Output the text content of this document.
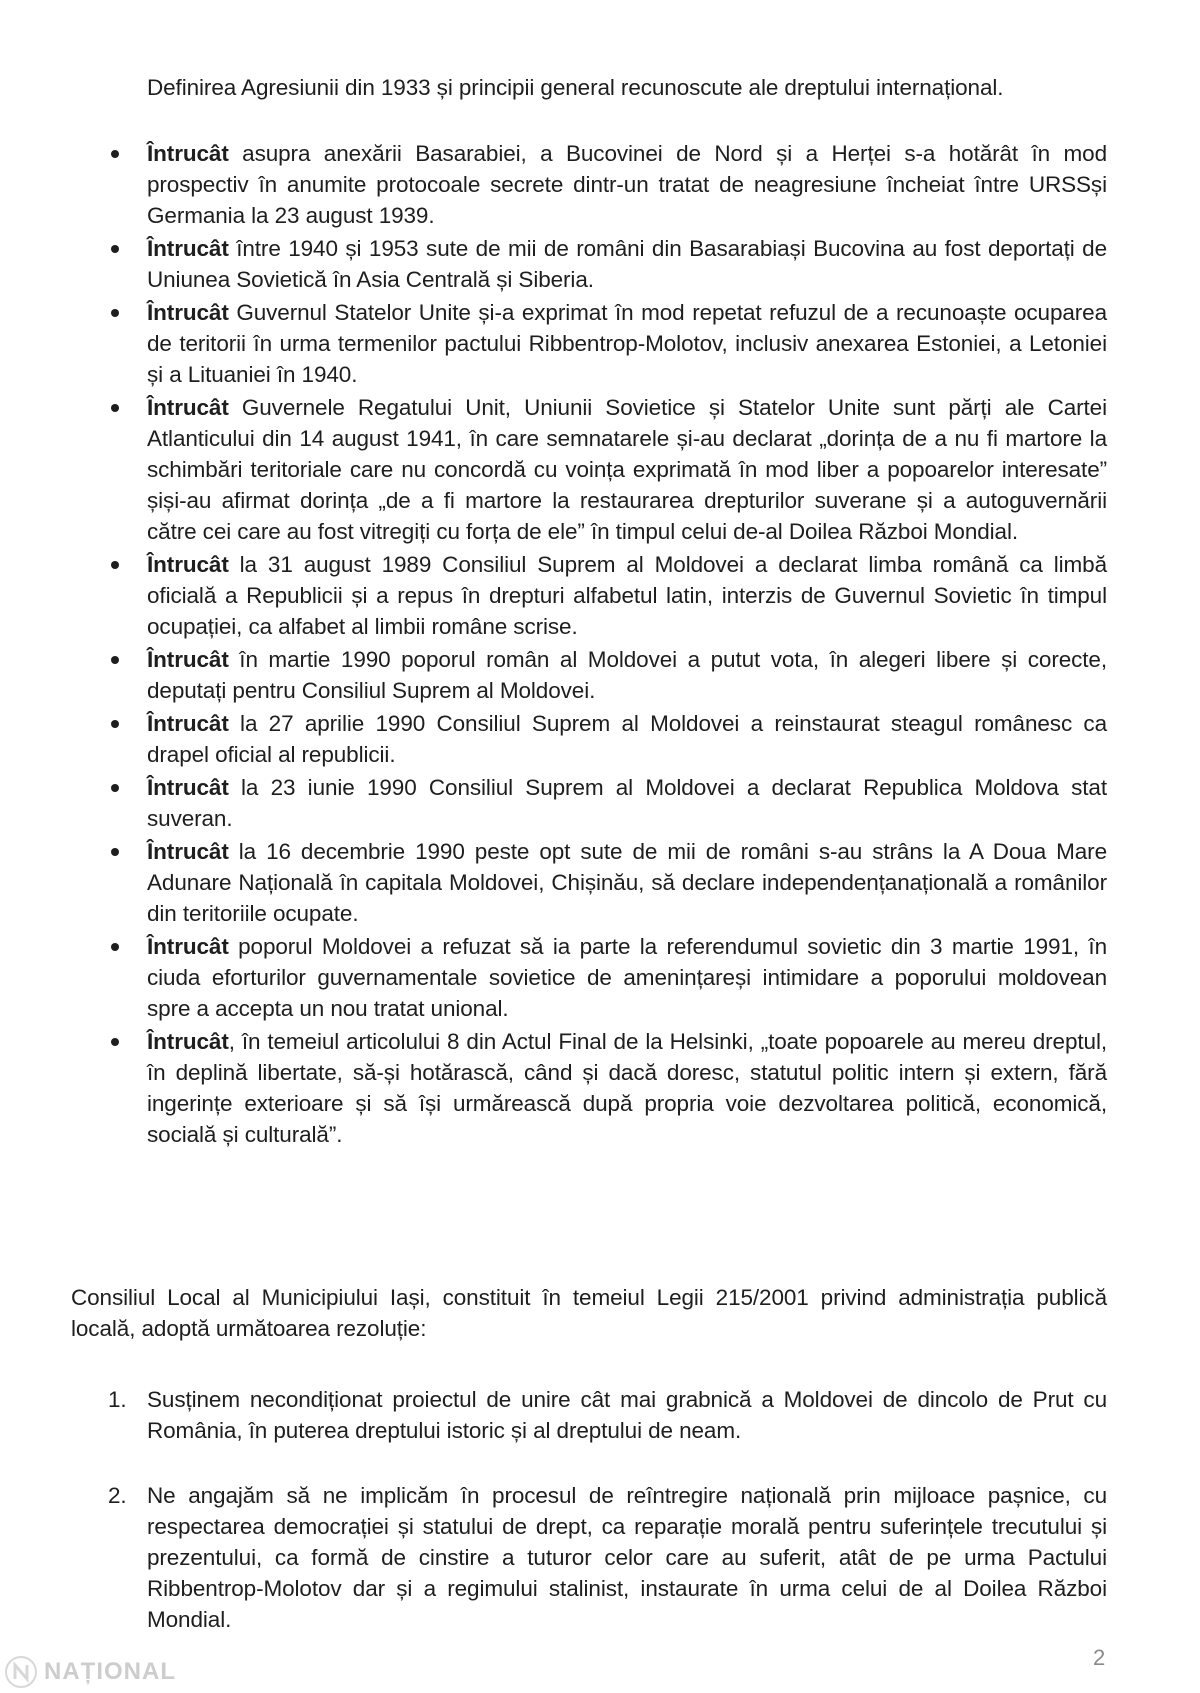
Definirea Agresiunii din 1933 și principii general recunoscute ale dreptului internațional.

Întrucât asupra anexării Basarabiei, a Bucovinei de Nord și a Herței s-a hotărât în mod prospectiv în anumite protocoale secrete dintr-un tratat de neagresiune încheiat între URSSși Germania la 23 august 1939.

Întrucât între 1940 și 1953 sute de mii de români din Basarabiași Bucovina au fost deportați de Uniunea Sovietică în Asia Centrală și Siberia.

Întrucât Guvernul Statelor Unite și-a exprimat în mod repetat refuzul de a recunoaște ocuparea de teritorii în urma termenilor pactului Ribbentrop-Molotov, inclusiv anexarea Estoniei, a Letoniei și a Lituaniei în 1940.

Întrucât Guvernele Regatului Unit, Uniunii Sovietice și Statelor Unite sunt părți ale Cartei Atlanticului din 14 august 1941, în care semnatarele și-au declarat „dorința de a nu fi martore la schimbări teritoriale care nu concordă cu voința exprimată în mod liber a popoarelor interesate” șiși-au afirmat dorința „de a fi martore la restaurarea drepturilor suverane și a autoguvernării către cei care au fost vitregiți cu forța de ele” în timpul celui de-al Doilea Război Mondial.

Întrucât la 31 august 1989 Consiliul Suprem al Moldovei a declarat limba română ca limbă oficială a Republicii și a repus în drepturi alfabetul latin, interzis de Guvernul Sovietic în timpul ocupației, ca alfabet al limbii române scrise.

Întrucât în martie 1990 poporul român al Moldovei a putut vota, în alegeri libere și corecte, deputați pentru Consiliul Suprem al Moldovei.

Întrucât la 27 aprilie 1990 Consiliul Suprem al Moldovei a reinstaurat steagul românesc ca drapel oficial al republicii.

Întrucât la 23 iunie 1990 Consiliul Suprem al Moldovei a declarat Republica Moldova stat suveran.

Întrucât la 16 decembrie 1990 peste opt sute de mii de români s-au strâns la A Doua Mare Adunare Națională în capitala Moldovei, Chișinău, să declare independențanațională a românilor din teritoriile ocupate.

Întrucât poporul Moldovei a refuzat să ia parte la referendumul sovietic din 3 martie 1991, în ciuda eforturilor guvernamentale sovietice de amenințareși intimidare a poporului moldovean spre a accepta un nou tratat unional.

Întrucât, în temeiul articolului 8 din Actul Final de la Helsinki, „toate popoarele au mereu dreptul, în deplină libertate, să-și hotărască, când și dacă doresc, statutul politic intern și extern, fără ingerințe exterioare și să își urmărească după propria voie dezvoltarea politică, economică, socială și culturală”.

Consiliul Local al Municipiului Iași, constituit în temeiul Legii 215/2001 privind administrația publică locală, adoptă următoarea rezoluție:

1. Susținem necondiționat proiectul de unire cât mai grabnică a Moldovei de dincolo de Prut cu România, în puterea dreptului istoric și al dreptului de neam.

2. Ne angajăm să ne implicăm în procesul de reîntregire națională prin mijloace pașnice, cu respectarea democrației și statului de drept, ca reparație morală pentru suferințele trecutului și prezentului, ca formă de cinstire a tuturor celor care au suferit, atât de pe urma Pactului Ribbentrop-Molotov dar și a regimului stalinist, instaurate în urma celui de al Doilea Război Mondial.

2
NAȚIONAL
